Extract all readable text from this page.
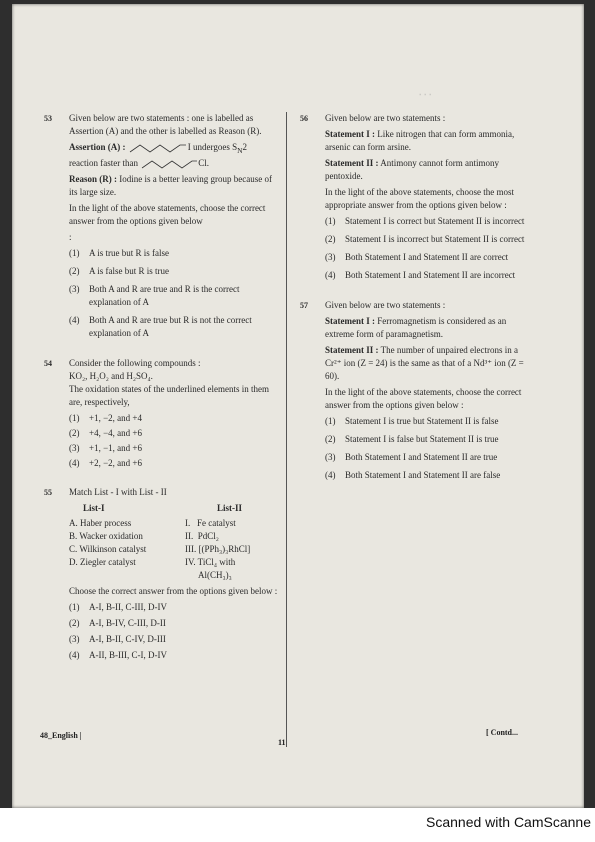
⋮
53 Given below are two statements : one is labelled as Assertion (A) and the other is labelled as Reason (R).

Assertion (A) :	I undergoes $S_N2$
reaction faster than	Cl.

Reason (R) : Iodine is a better leaving group because of its large size.

In the light of the above statements, choose the correct answer from the options given below

:

(1) A is true but R is false
(2) A is false but R is true
(3) Both A and R are true and R is the correct explanation of A
(4) Both A and R are true but R is not the correct explanation of A
54 Consider the following compounds :

KO₂, H₂O₂ and H₂SO₄.

The oxidation states of the underlined elements in them are, respectively,

(1) +1, −2, and +4
(2) +4, −4, and +6
(3) +1, −1, and +6
(4) +2, −2, and +6
55 Match List - I with List - II

List-I	List-II
A. Haber process	I.   Fe catalyst
B. Wacker oxidation	II.  PdCl₂
C. Wilkinson catalyst	III. [(PPh₃)₃RhCl]
D. Ziegler catalyst	IV. TiCl₄ with
Al(CH₃)₃

Choose the correct answer from the options given below :

(1) A-I, B-II, C-III, D-IV
(2) A-I, B-IV, C-III, D-II
(3) A-I, B-II, C-IV, D-III
(4) A-II, B-III, C-I, D-IV
56 Given below are two statements :

Statement I : Like nitrogen that can form ammonia, arsenic can form arsine.

Statement II : Antimony cannot form antimony pentoxide.

In the light of the above statements, choose the most appropriate answer from the options given below :

(1) Statement I is correct but Statement II is incorrect
(2) Statement I is incorrect but Statement II is correct
(3) Both Statement I and Statement II are correct
(4) Both Statement I and Statement II are incorrect
57 Given below are two statements :

Statement I : Ferromagnetism is considered as an extreme form of paramagnetism.

Statement II : The number of unpaired electrons in a Cr²⁺ ion (Z = 24) is the same as that of a Nd³⁺ ion (Z = 60).

In the light of the above statements, choose the correct answer from the options given below :

(1) Statement I is true but Statement II is false
(2) Statement I is false but Statement II is true
(3) Both Statement I and Statement II are true
(4) Both Statement I and Statement II are false
48_English |
11
[ Contd...
Scanned with CamScanne
